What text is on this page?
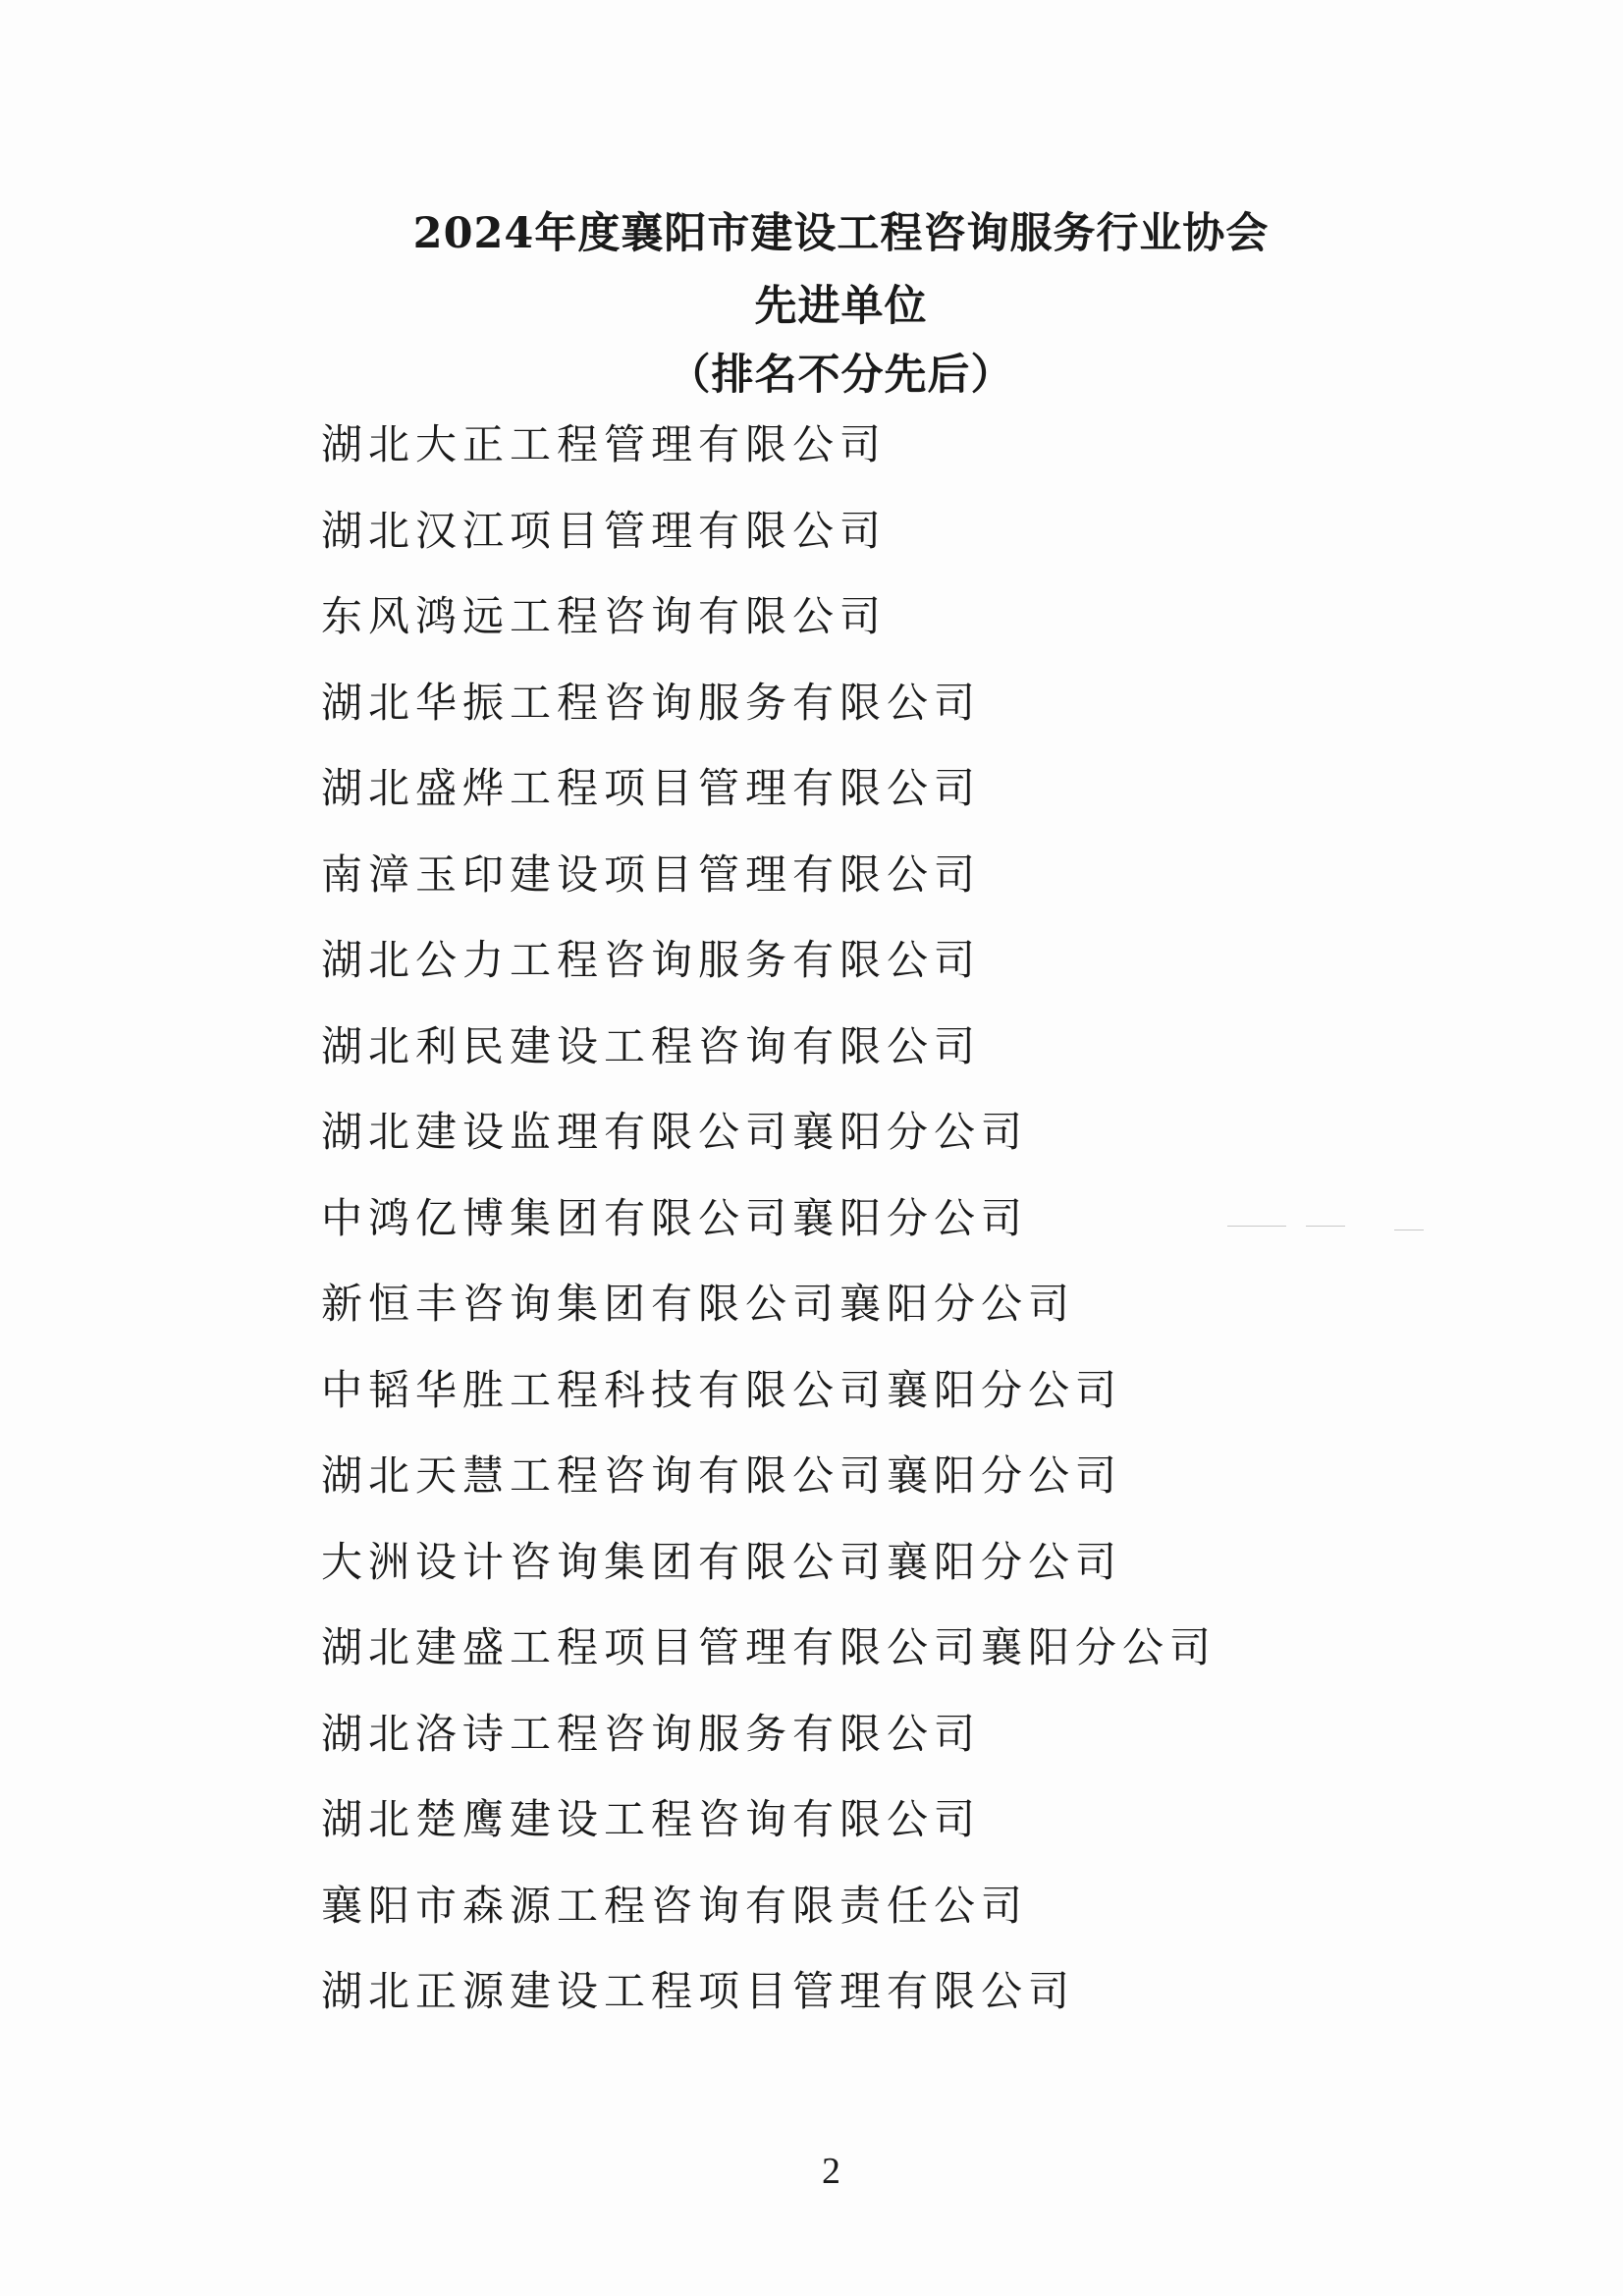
2024年度襄阳市建设工程咨询服务行业协会
先进单位
（排名不分先后）
湖北大正工程管理有限公司
湖北汉江项目管理有限公司
东风鸿远工程咨询有限公司
湖北华振工程咨询服务有限公司
湖北盛烨工程项目管理有限公司
南漳玉印建设项目管理有限公司
湖北公力工程咨询服务有限公司
湖北利民建设工程咨询有限公司
湖北建设监理有限公司襄阳分公司
中鸿亿博集团有限公司襄阳分公司
新恒丰咨询集团有限公司襄阳分公司
中韬华胜工程科技有限公司襄阳分公司
湖北天慧工程咨询有限公司襄阳分公司
大洲设计咨询集团有限公司襄阳分公司
湖北建盛工程项目管理有限公司襄阳分公司
湖北洛诗工程咨询服务有限公司
湖北楚鹰建设工程咨询有限公司
襄阳市森源工程咨询有限责任公司
湖北正源建设工程项目管理有限公司
2
